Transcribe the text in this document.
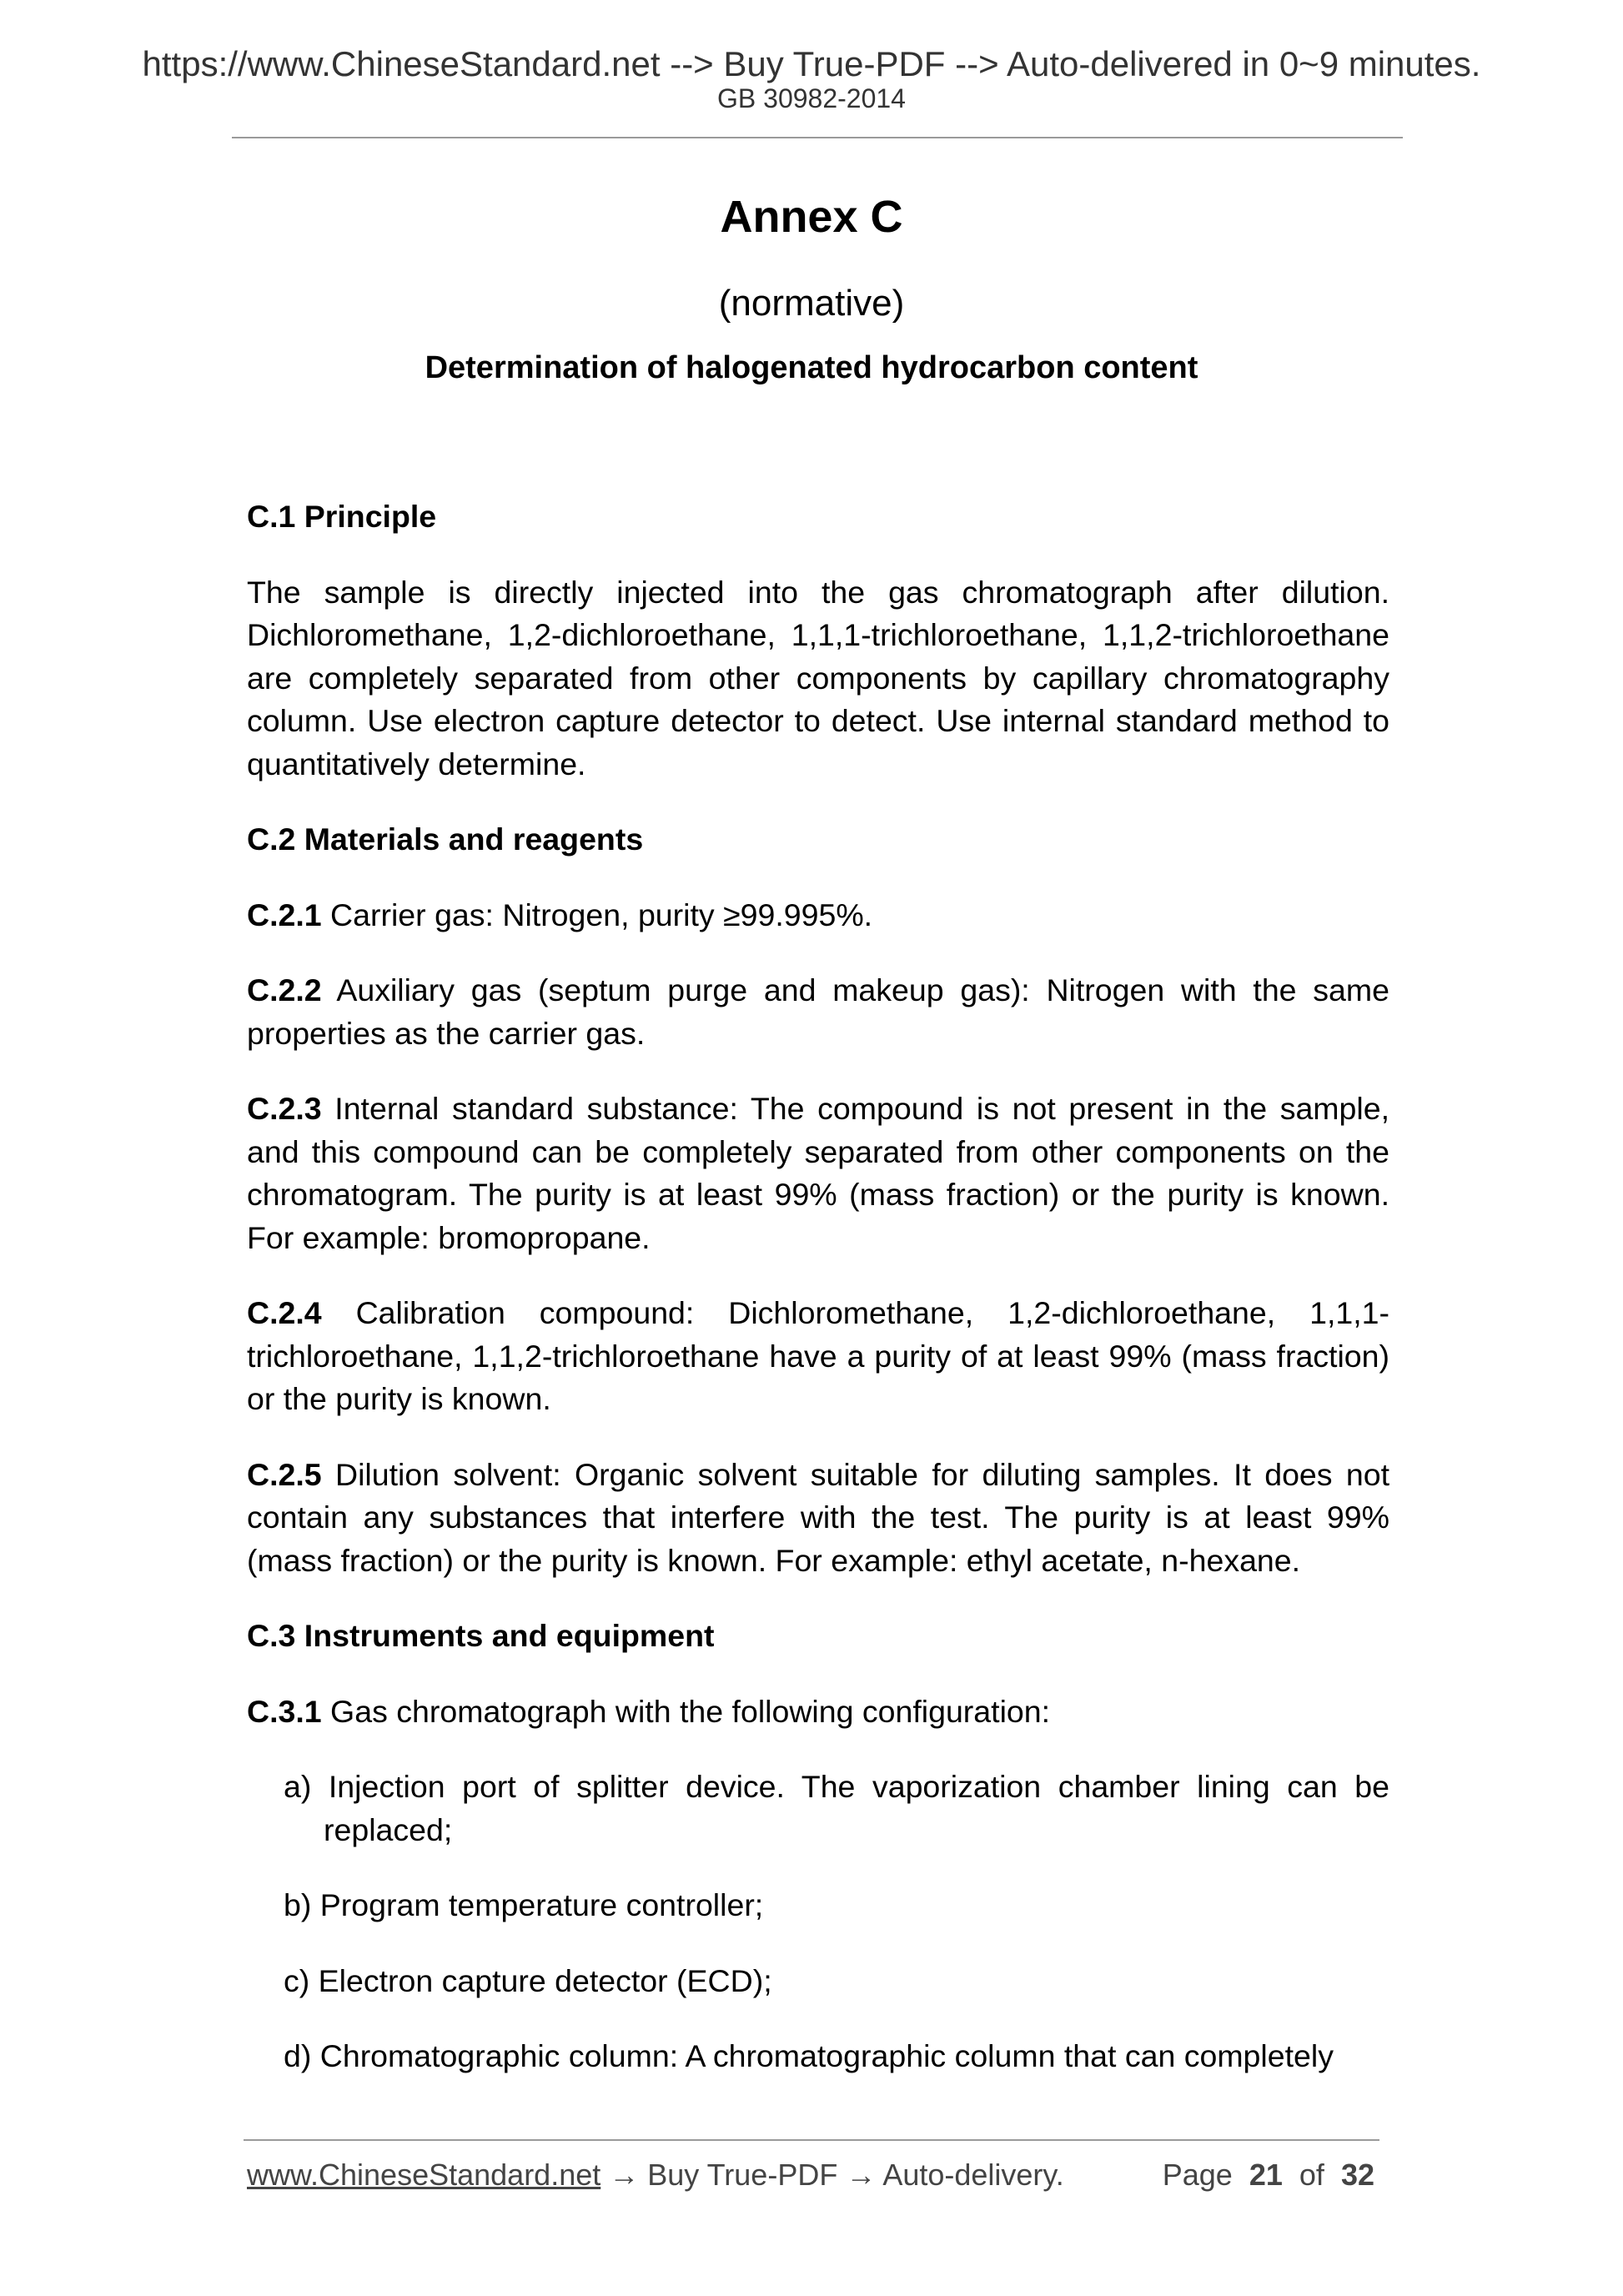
https://www.ChineseStandard.net --> Buy True-PDF --> Auto-delivered in 0~9 minutes.
GB 30982-2014
Annex C
(normative)
Determination of halogenated hydrocarbon content

C.1 Principle

The sample is directly injected into the gas chromatograph after dilution. Dichloromethane, 1,2-dichloroethane, 1,1,1-trichloroethane, 1,1,2-trichloroethane are completely separated from other components by capillary chromatography column. Use electron capture detector to detect. Use internal standard method to quantitatively determine.

C.2 Materials and reagents

C.2.1 Carrier gas: Nitrogen, purity ≥99.995%.

C.2.2 Auxiliary gas (septum purge and makeup gas): Nitrogen with the same properties as the carrier gas.

C.2.3 Internal standard substance: The compound is not present in the sample, and this compound can be completely separated from other components on the chromatogram. The purity is at least 99% (mass fraction) or the purity is known. For example: bromopropane.

C.2.4 Calibration compound: Dichloromethane, 1,2-dichloroethane, 1,1,1-trichloroethane, 1,1,2-trichloroethane have a purity of at least 99% (mass fraction) or the purity is known.

C.2.5 Dilution solvent: Organic solvent suitable for diluting samples. It does not contain any substances that interfere with the test. The purity is at least 99% (mass fraction) or the purity is known. For example: ethyl acetate, n-hexane.

C.3 Instruments and equipment

C.3.1 Gas chromatograph with the following configuration:

a) Injection port of splitter device. The vaporization chamber lining can be replaced;
b) Program temperature controller;
c) Electron capture detector (ECD);
d) Chromatographic column: A chromatographic column that can completely
www.ChineseStandard.net → Buy True-PDF → Auto-delivery.	Page 21 of 32
